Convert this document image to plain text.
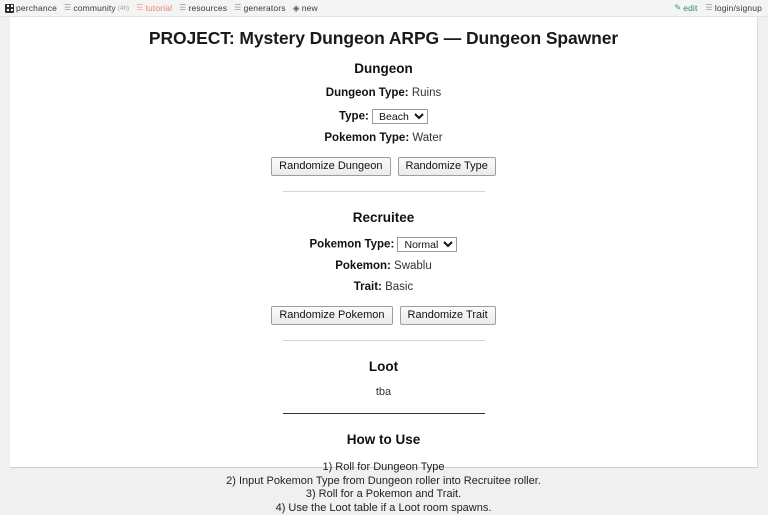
perchance ☰ community (4h) ☰ tutorial ☰ resources ☰ generators ◈ new	✎ edit ☰ login/signup
PROJECT: Mystery Dungeon ARPG — Dungeon Spawner
Dungeon
Dungeon Type: Ruins
Type:
Beach
Pokemon Type: Water
Randomize Dungeon	Randomize Type
Recruitee
Pokemon Type:
Normal
Pokemon: Swablu
Trait: Basic
Randomize Pokemon	Randomize Trait
Loot
tba
How to Use
1) Roll for Dungeon Type
2) Input Pokemon Type from Dungeon roller into Recruitee roller.
3) Roll for a Pokemon and Trait.
4) Use the Loot table if a Loot room spawns.
